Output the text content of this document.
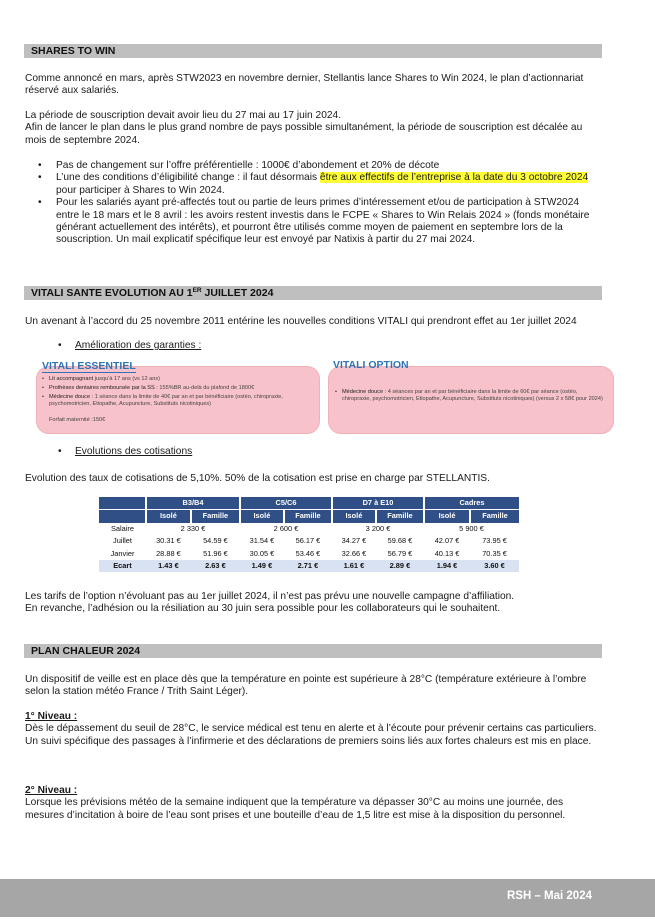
SHARES TO WIN
Comme annoncé en mars, après STW2023 en novembre dernier, Stellantis lance Shares to Win 2024, le plan d’actionnariat réservé aux salariés.
La période de souscription devait avoir lieu du 27 mai au 17 juin 2024.
Afin de lancer le plan dans le plus grand nombre de pays possible simultanément, la période de souscription est décalée au mois de septembre 2024.
• Pas de changement sur l’offre préférentielle : 1000€ d’abondement et 20% de décote
• L’une des conditions d’éligibilité change : il faut désormais être aux effectifs de l’entreprise à la date du 3 octobre 2024 pour participer à Shares to Win 2024.
• Pour les salariés ayant pré-affectés tout ou partie de leurs primes d’intéressement et/ou de participation à STW2024 entre le 18 mars et le 8 avril : les avoirs restent investis dans le FCPE « Shares to Win Relais 2024 » (fonds monétaire générant actuellement des intérêts), et pourront être utilisés comme moyen de paiement en septembre lors de la souscription. Un mail explicatif spécifique leur est envoyé par Natixis à partir du 27 mai 2024.
VITALI SANTE EVOLUTION AU 1ER JUILLET 2024
Un avenant à l’accord du 25 novembre 2011 entérine les nouvelles conditions VITALI qui prendront effet au 1er juillet 2024
• Amélioration des garanties :
VITALI ESSENTIEL
• Lit accompagnant jusqu’à 17 ans (vs 12 ans)
• Prothèses dentaires remboursée par la SS : 155%BR au-delà du plafond de 1800€
• Médecine douce : 1 séance dans la limite de 40€ par an et par bénéficiaire (ostéo, chiropraxie, psychomotricien, Etiopathe, Acupuncture, Substituts nicotiniques)
Forfait maternité :150€
VITALI OPTION
• Médecine douce : 4 séances par an et par bénéficiaire dans la limite de 60€ par séance (ostéo, chiropraxie, psychomotricien, Etiopathe, Acupuncture, Substituts nicotiniques) (versus 2 x 58€ pour 2024)
• Evolutions des cotisations
Evolution des taux de cotisations de 5,10%. 50% de la cotisation est prise en charge par STELLANTIS.
	B3/B4		C5/C6		D7 à E10		Cadres	
	Isolé	Famille	Isolé	Famille	Isolé	Famille	Isolé	Famille
Salaire	2 330 €		2 600 €		3 200 €		5 900 €	
Juillet	30.31 €	54.59 €	31.54 €	56.17 €	34.27 €	59.68 €	42.07 €	73.95 €
Janvier	28.88 €	51.96 €	30.05 €	53.46 €	32.66 €	56.79 €	40.13 €	70.35 €
Ecart	1.43 €	2.63 €	1.49 €	2.71 €	1.61 €	2.89 €	1.94 €	3.60 €
Les tarifs de l’option n’évoluant pas au 1er juillet 2024, il n’est pas prévu une nouvelle campagne d’affiliation.
En revanche, l’adhésion ou la résiliation au 30 juin sera possible pour les collaborateurs qui le souhaitent.
PLAN CHALEUR 2024
Un dispositif de veille est en place dès que la température en pointe est supérieure à 28°C (température extérieure à l’ombre selon la station météo France / Trith Saint Léger).
1° Niveau :
Dès le dépassement du seuil de 28°C, le service médical est tenu en alerte et à l’écoute pour prévenir certains cas particuliers.
Un suivi spécifique des passages à l’infirmerie et des déclarations de premiers soins liés aux fortes chaleurs est mis en place.
2° Niveau :
Lorsque les prévisions météo de la semaine indiquent que la température va dépasser 30°C au moins une journée, des mesures d’incitation à boire de l’eau sont prises et une bouteille d’eau de 1,5 litre est mise à la disposition du personnel.
RSH – Mai 2024
